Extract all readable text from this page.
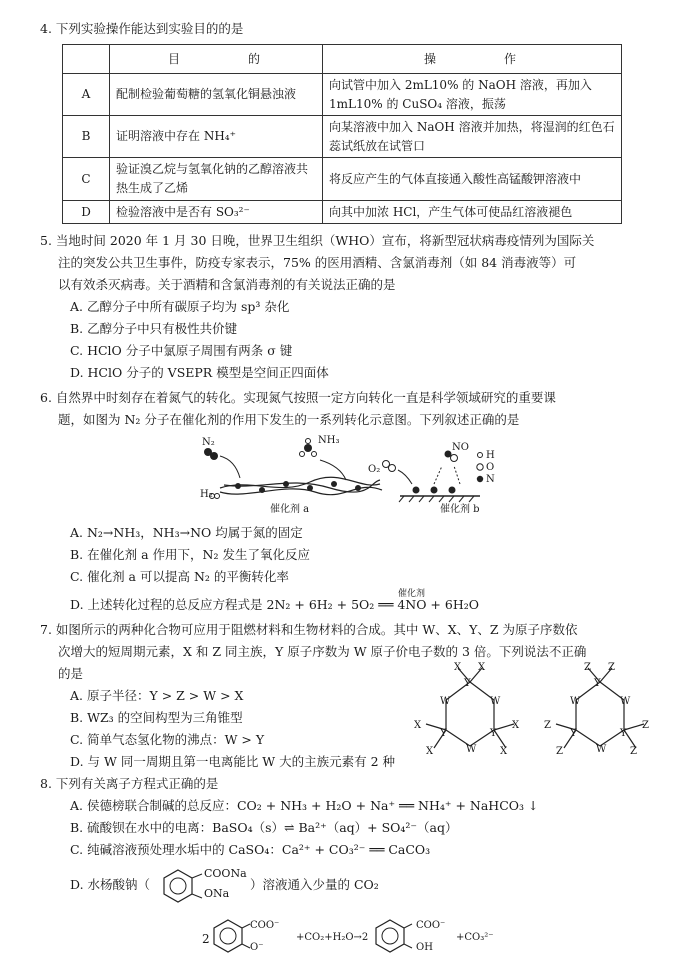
4. 下列实验操作能达到实验目的的是
	目　　　　的	操　　　　作
A	配制检验葡萄糖的氢氧化铜悬浊液	向试管中加入 2mL10% 的 NaOH 溶液，再加入 1mL10% 的 CuSO₄ 溶液，振荡
B	证明溶液中存在 NH₄⁺	向某溶液中加入 NaOH 溶液并加热，将湿润的红色石蕊试纸放在试管口
C	验证溴乙烷与氢氧化钠的乙醇溶液共热生成了乙烯	将反应产生的气体直接通入酸性高锰酸钾溶液中
D	检验溶液中是否有 SO₃²⁻	向其中加浓 HCl，产生气体可使品红溶液褪色
5. 当地时间 2020 年 1 月 30 日晚，世界卫生组织（WHO）宣布，将新型冠状病毒疫情列为国际关
注的突发公共卫生事件，防疫专家表示，75% 的医用酒精、含氯消毒剂（如 84 消毒液等）可
以有效杀灭病毒。关于酒精和含氯消毒剂的有关说法正确的是
A. 乙醇分子中所有碳原子均为 sp³ 杂化
B. 乙醇分子中只有极性共价键
C. HClO 分子中氯原子周围有两条 σ 键
D. HClO 分子的 VSEPR 模型是空间正四面体
6. 自然界中时刻存在着氮气的转化。实现氮气按照一定方向转化一直是科学领域研究的重要课
题，如图为 N₂ 分子在催化剂的作用下发生的一系列转化示意图。下列叙述正确的是
N₂	NH₃
H₂
O₂
NO
H
O
N
催化剂 a	催化剂 b
A. N₂→NH₃，NH₃→NO 均属于氮的固定
B. 在催化剂 a 作用下，N₂ 发生了氧化反应
C. 催化剂 a 可以提高 N₂ 的平衡转化率
催化剂
D. 上述转化过程的总反应方程式是 2N₂ + 6H₂ + 5O₂ ══ 4NO + 6H₂O
7. 如图所示的两种化合物可应用于阻燃材料和生物材料的合成。其中 W、X、Y、Z 为原子序数依
次增大的短周期元素，X 和 Z 同主族，Y 原子序数为 W 原子价电子数的 3 倍。下列说法不正确
的是
A. 原子半径：Y > Z > W > X
B. WZ₃ 的空间构型为三角锥型
C. 简单气态氢化物的沸点：W > Y
D. 与 W 同一周期且第一电离能比 W 大的主族元素有 2 种
Y
X X
W	W
Y	Y
W
X
X
X
X
Y
Z Z
W	W
Y	Y
W
Z
Z
Z
Z
8. 下列有关离子方程式正确的是
A. 侯德榜联合制碱的总反应：CO₂ + NH₃ + H₂O + Na⁺ ══ NH₄⁺ + NaHCO₃ ↓
B. 硫酸钡在水中的电离：BaSO₄（s）⇌ Ba²⁺（aq）+ SO₄²⁻（aq）
C. 纯碱溶液预处理水垢中的 CaSO₄：Ca²⁺ + CO₃²⁻ ══ CaCO₃
D. 水杨酸钠（
COONa
ONa
）溶液通入少量的 CO₂
2
COO⁻
O⁻
+CO₂+H₂O→2
COO⁻
OH
+CO₃²⁻
